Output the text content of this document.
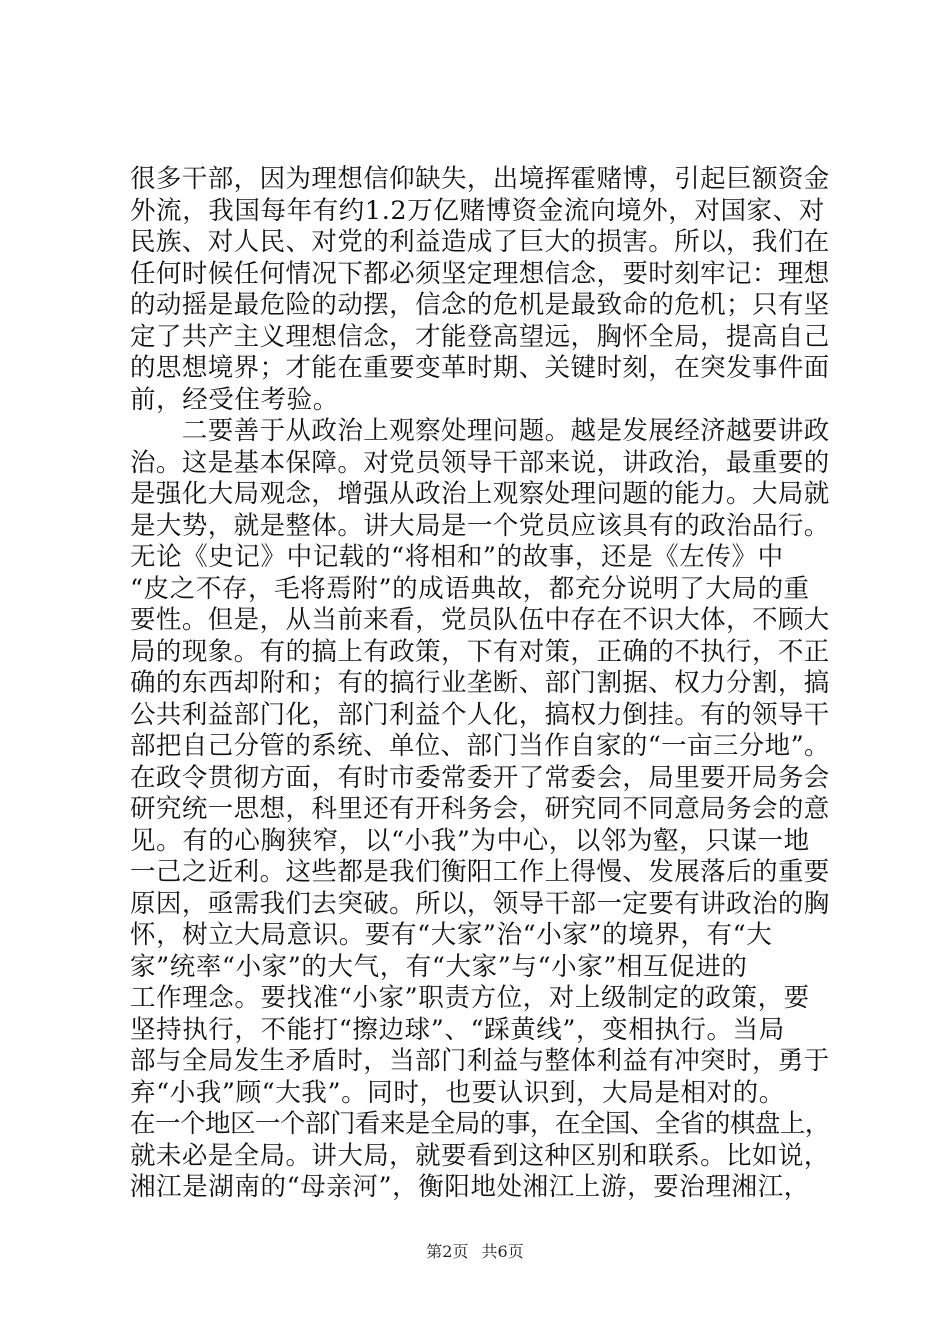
很多干部，因为理想信仰缺失，出境挥霍赌博，引起巨额资金
外流，我国每年有约1.2万亿赌博资金流向境外，对国家、对
民族、对人民、对党的利益造成了巨大的损害。所以，我们在
任何时候任何情况下都必须坚定理想信念，要时刻牢记：理想
的动摇是最危险的动摆，信念的危机是最致命的危机；只有坚
定了共产主义理想信念，才能登高望远，胸怀全局，提高自己
的思想境界；才能在重要变革时期、关键时刻，在突发事件面
前，经受住考验。
　　二要善于从政治上观察处理问题。越是发展经济越要讲政
治。这是基本保障。对党员领导干部来说，讲政治，最重要的
是强化大局观念，增强从政治上观察处理问题的能力。大局就
是大势，就是整体。讲大局是一个党员应该具有的政治品行。
无论《史记》中记载的“将相和”的故事，还是《左传》中
“皮之不存，毛将焉附”的成语典故，都充分说明了大局的重
要性。但是，从当前来看，党员队伍中存在不识大体，不顾大
局的现象。有的搞上有政策，下有对策，正确的不执行，不正
确的东西却附和；有的搞行业垄断、部门割据、权力分割，搞
公共利益部门化，部门利益个人化，搞权力倒挂。有的领导干
部把自己分管的系统、单位、部门当作自家的“一亩三分地”。
在政令贯彻方面，有时市委常委开了常委会，局里要开局务会
研究统一思想，科里还有开科务会，研究同不同意局务会的意
见。有的心胸狭窄，以“小我”为中心，以邻为壑，只谋一地
一己之近利。这些都是我们衡阳工作上得慢、发展落后的重要
原因，亟需我们去突破。所以，领导干部一定要有讲政治的胸
怀，树立大局意识。要有“大家”治“小家”的境界，有“大
家”统率“小家”的大气，有“大家”与“小家”相互促进的
工作理念。要找准“小家”职责方位，对上级制定的政策，要
坚持执行，不能打“擦边球”、“踩黄线”，变相执行。当局
部与全局发生矛盾时，当部门利益与整体利益有冲突时，勇于
弃“小我”顾“大我”。同时，也要认识到，大局是相对的。
在一个地区一个部门看来是全局的事，在全国、全省的棋盘上，
就未必是全局。讲大局，就要看到这种区别和联系。比如说，
湘江是湖南的“母亲河”，衡阳地处湘江上游，要治理湘江，
第2页 共6页
